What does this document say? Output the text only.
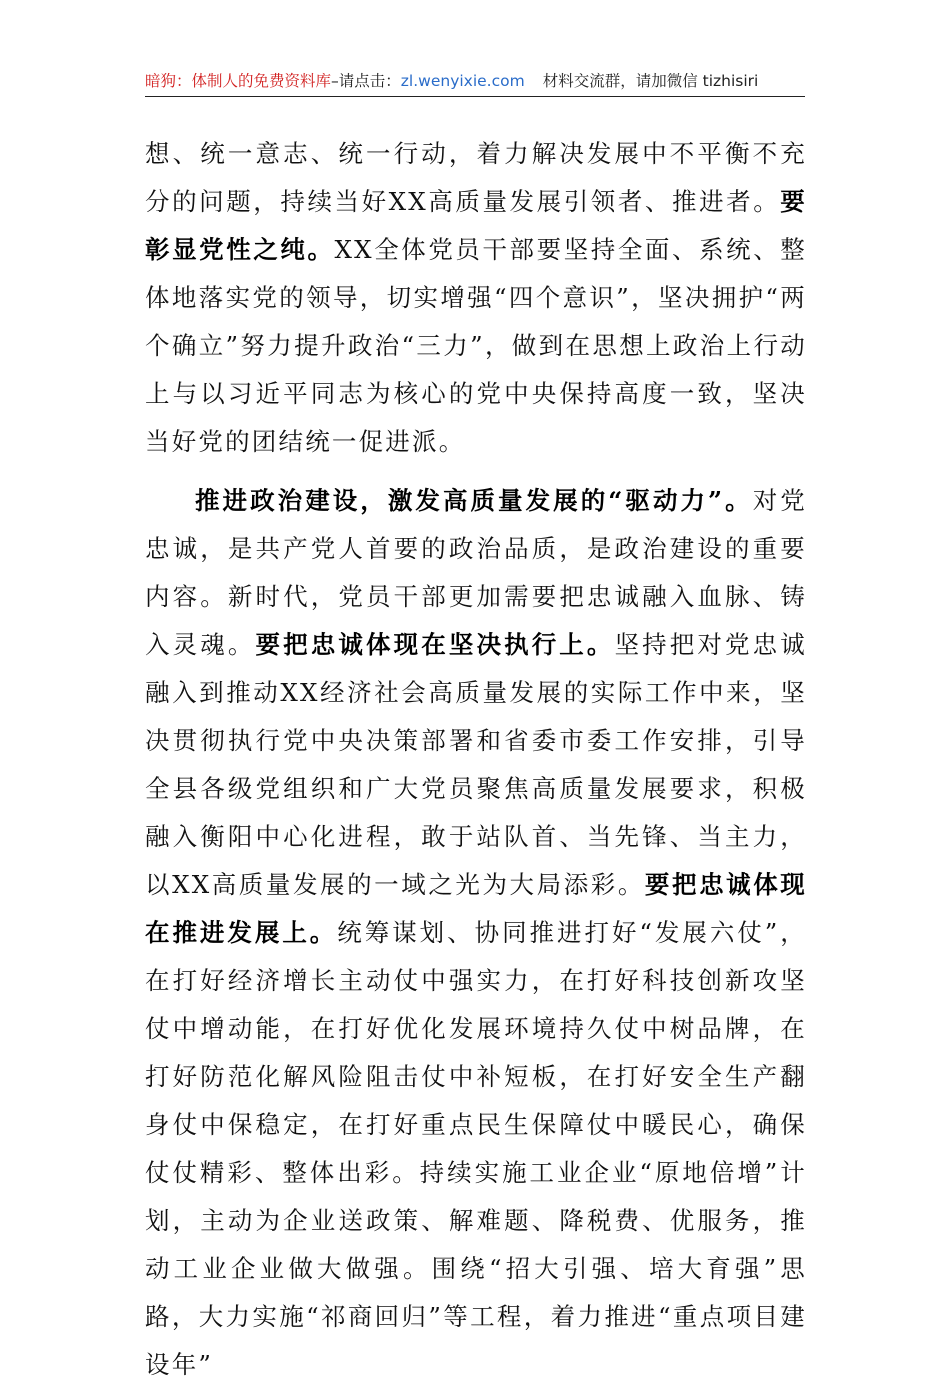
暗狗：体制人的免费资料库–请点击：zl.wenyixie.com 材料交流群，请加微信 tizhisiri

想、统一意志、统一行动，着力解决发展中不平衡不充分的问题，持续当好XX高质量发展引领者、推进者。要彰显党性之纯。XX全体党员干部要坚持全面、系统、整体地落实党的领导，切实增强“四个意识”，坚决拥护“两个确立”努力提升政治“三力”，做到在思想上政治上行动上与以习近平同志为核心的党中央保持高度一致，坚决当好党的团结统一促进派。

推进政治建设，激发高质量发展的“驱动力”。对党忠诚，是共产党人首要的政治品质，是政治建设的重要内容。新时代，党员干部更加需要把忠诚融入血脉、铸入灵魂。要把忠诚体现在坚决执行上。坚持把对党忠诚融入到推动XX经济社会高质量发展的实际工作中来，坚决贯彻执行党中央决策部署和省委市委工作安排，引导全县各级党组织和广大党员聚焦高质量发展要求，积极融入衡阳中心化进程，敢于站队首、当先锋、当主力，以XX高质量发展的一域之光为大局添彩。要把忠诚体现在推进发展上。统筹谋划、协同推进打好“发展六仗”，在打好经济增长主动仗中强实力，在打好科技创新攻坚仗中增动能，在打好优化发展环境持久仗中树品牌，在打好防范化解风险阻击仗中补短板，在打好安全生产翻身仗中保稳定，在打好重点民生保障仗中暖民心，确保仗仗精彩、整体出彩。持续实施工业企业“原地倍增”计划，主动为企业送政策、解难题、降税费、优服务，推动工业企业做大做强。围绕“招大引强、培大育强”思路，大力实施“祁商回归”等工程，着力推进“重点项目建设年”
